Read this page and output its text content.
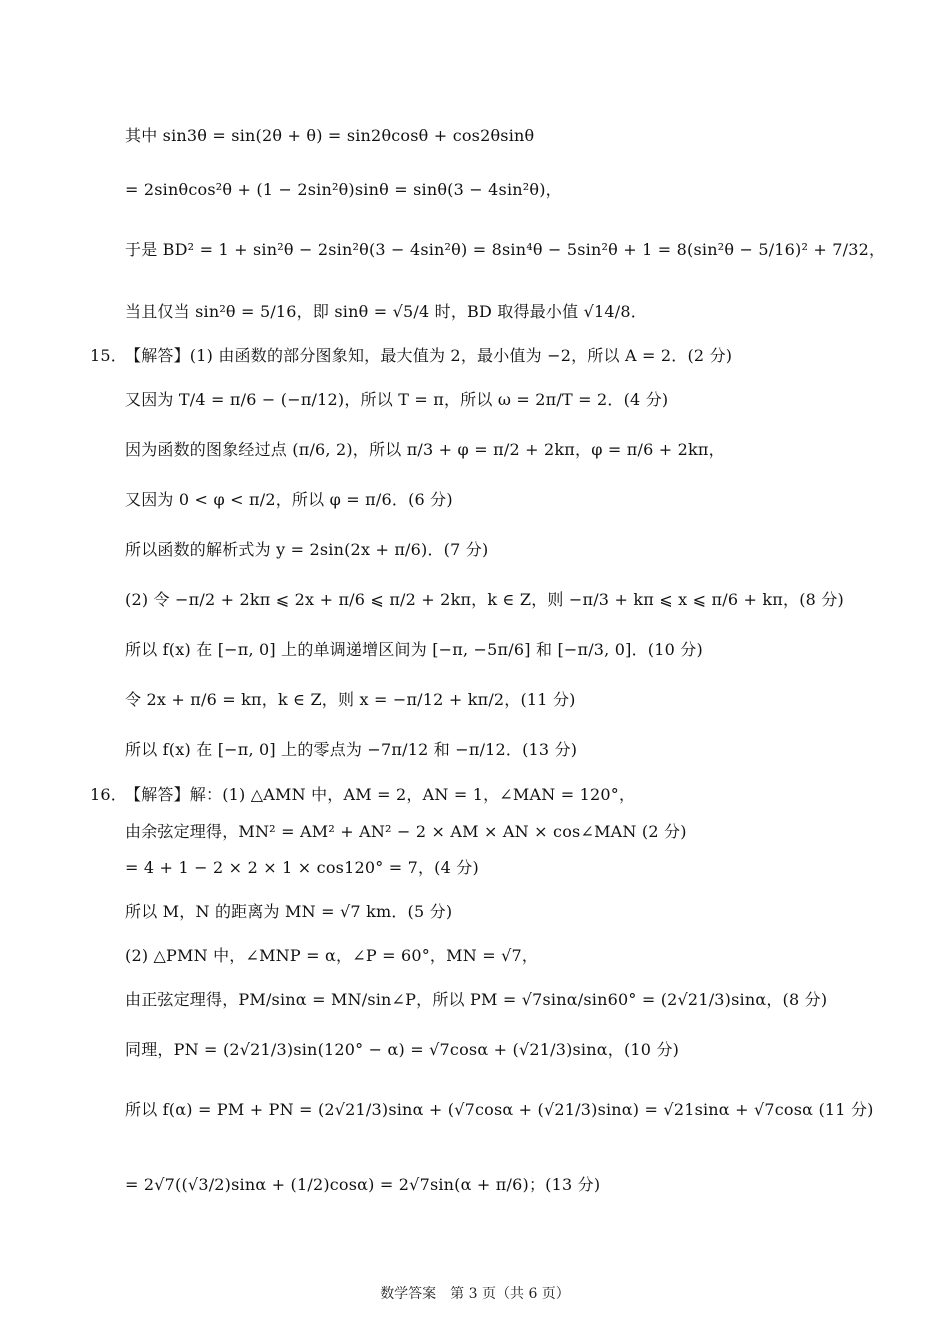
其中 sin3θ = sin(2θ + θ) = sin2θcosθ + cos2θsinθ
= 2sinθcos²θ + (1 − 2sin²θ)sinθ = sinθ(3 − 4sin²θ)，
于是 BD² = 1 + sin²θ − 2sin²θ(3 − 4sin²θ) = 8sin⁴θ − 5sin²θ + 1 = 8(sin²θ − 5/16)² + 7/32，
当且仅当 sin²θ = 5/16，即 sinθ = √5/4 时，BD 取得最小值 √14/8．
15．
【解答】(1) 由函数的部分图象知，最大值为 2，最小值为 −2，所以 A = 2．(2 分)
又因为 T/4 = π/6 − (−π/12)，所以 T = π，所以 ω = 2π/T = 2．(4 分)
因为函数的图象经过点 (π/6, 2)，所以 π/3 + φ = π/2 + 2kπ，φ = π/6 + 2kπ，
又因为 0 < φ < π/2，所以 φ = π/6．(6 分)
所以函数的解析式为 y = 2sin(2x + π/6)．(7 分)
(2) 令 −π/2 + 2kπ ⩽ 2x + π/6 ⩽ π/2 + 2kπ，k ∈ Z，则 −π/3 + kπ ⩽ x ⩽ π/6 + kπ，(8 分)
所以 f(x) 在 [−π, 0] 上的单调递增区间为 [−π, −5π/6] 和 [−π/3, 0]．(10 分)
令 2x + π/6 = kπ，k ∈ Z，则 x = −π/12 + kπ/2，(11 分)
所以 f(x) 在 [−π, 0] 上的零点为 −7π/12 和 −π/12．(13 分)
16．
【解答】解：(1) △AMN 中，AM = 2，AN = 1，∠MAN = 120°，
由余弦定理得，MN² = AM² + AN² − 2 × AM × AN × cos∠MAN (2 分)
= 4 + 1 − 2 × 2 × 1 × cos120° = 7，(4 分)
所以 M，N 的距离为 MN = √7 km．(5 分)
(2) △PMN 中，∠MNP = α，∠P = 60°，MN = √7，
由正弦定理得，PM/sinα = MN/sin∠P，所以 PM = √7sinα/sin60° = (2√21/3)sinα，(8 分)
同理，PN = (2√21/3)sin(120° − α) = √7cosα + (√21/3)sinα，(10 分)
所以 f(α) = PM + PN = (2√21/3)sinα + (√7cosα + (√21/3)sinα) = √21sinα + √7cosα (11 分)
= 2√7((√3/2)sinα + (1/2)cosα) = 2√7sin(α + π/6)；(13 分)
数学答案　第 3 页（共 6 页）
